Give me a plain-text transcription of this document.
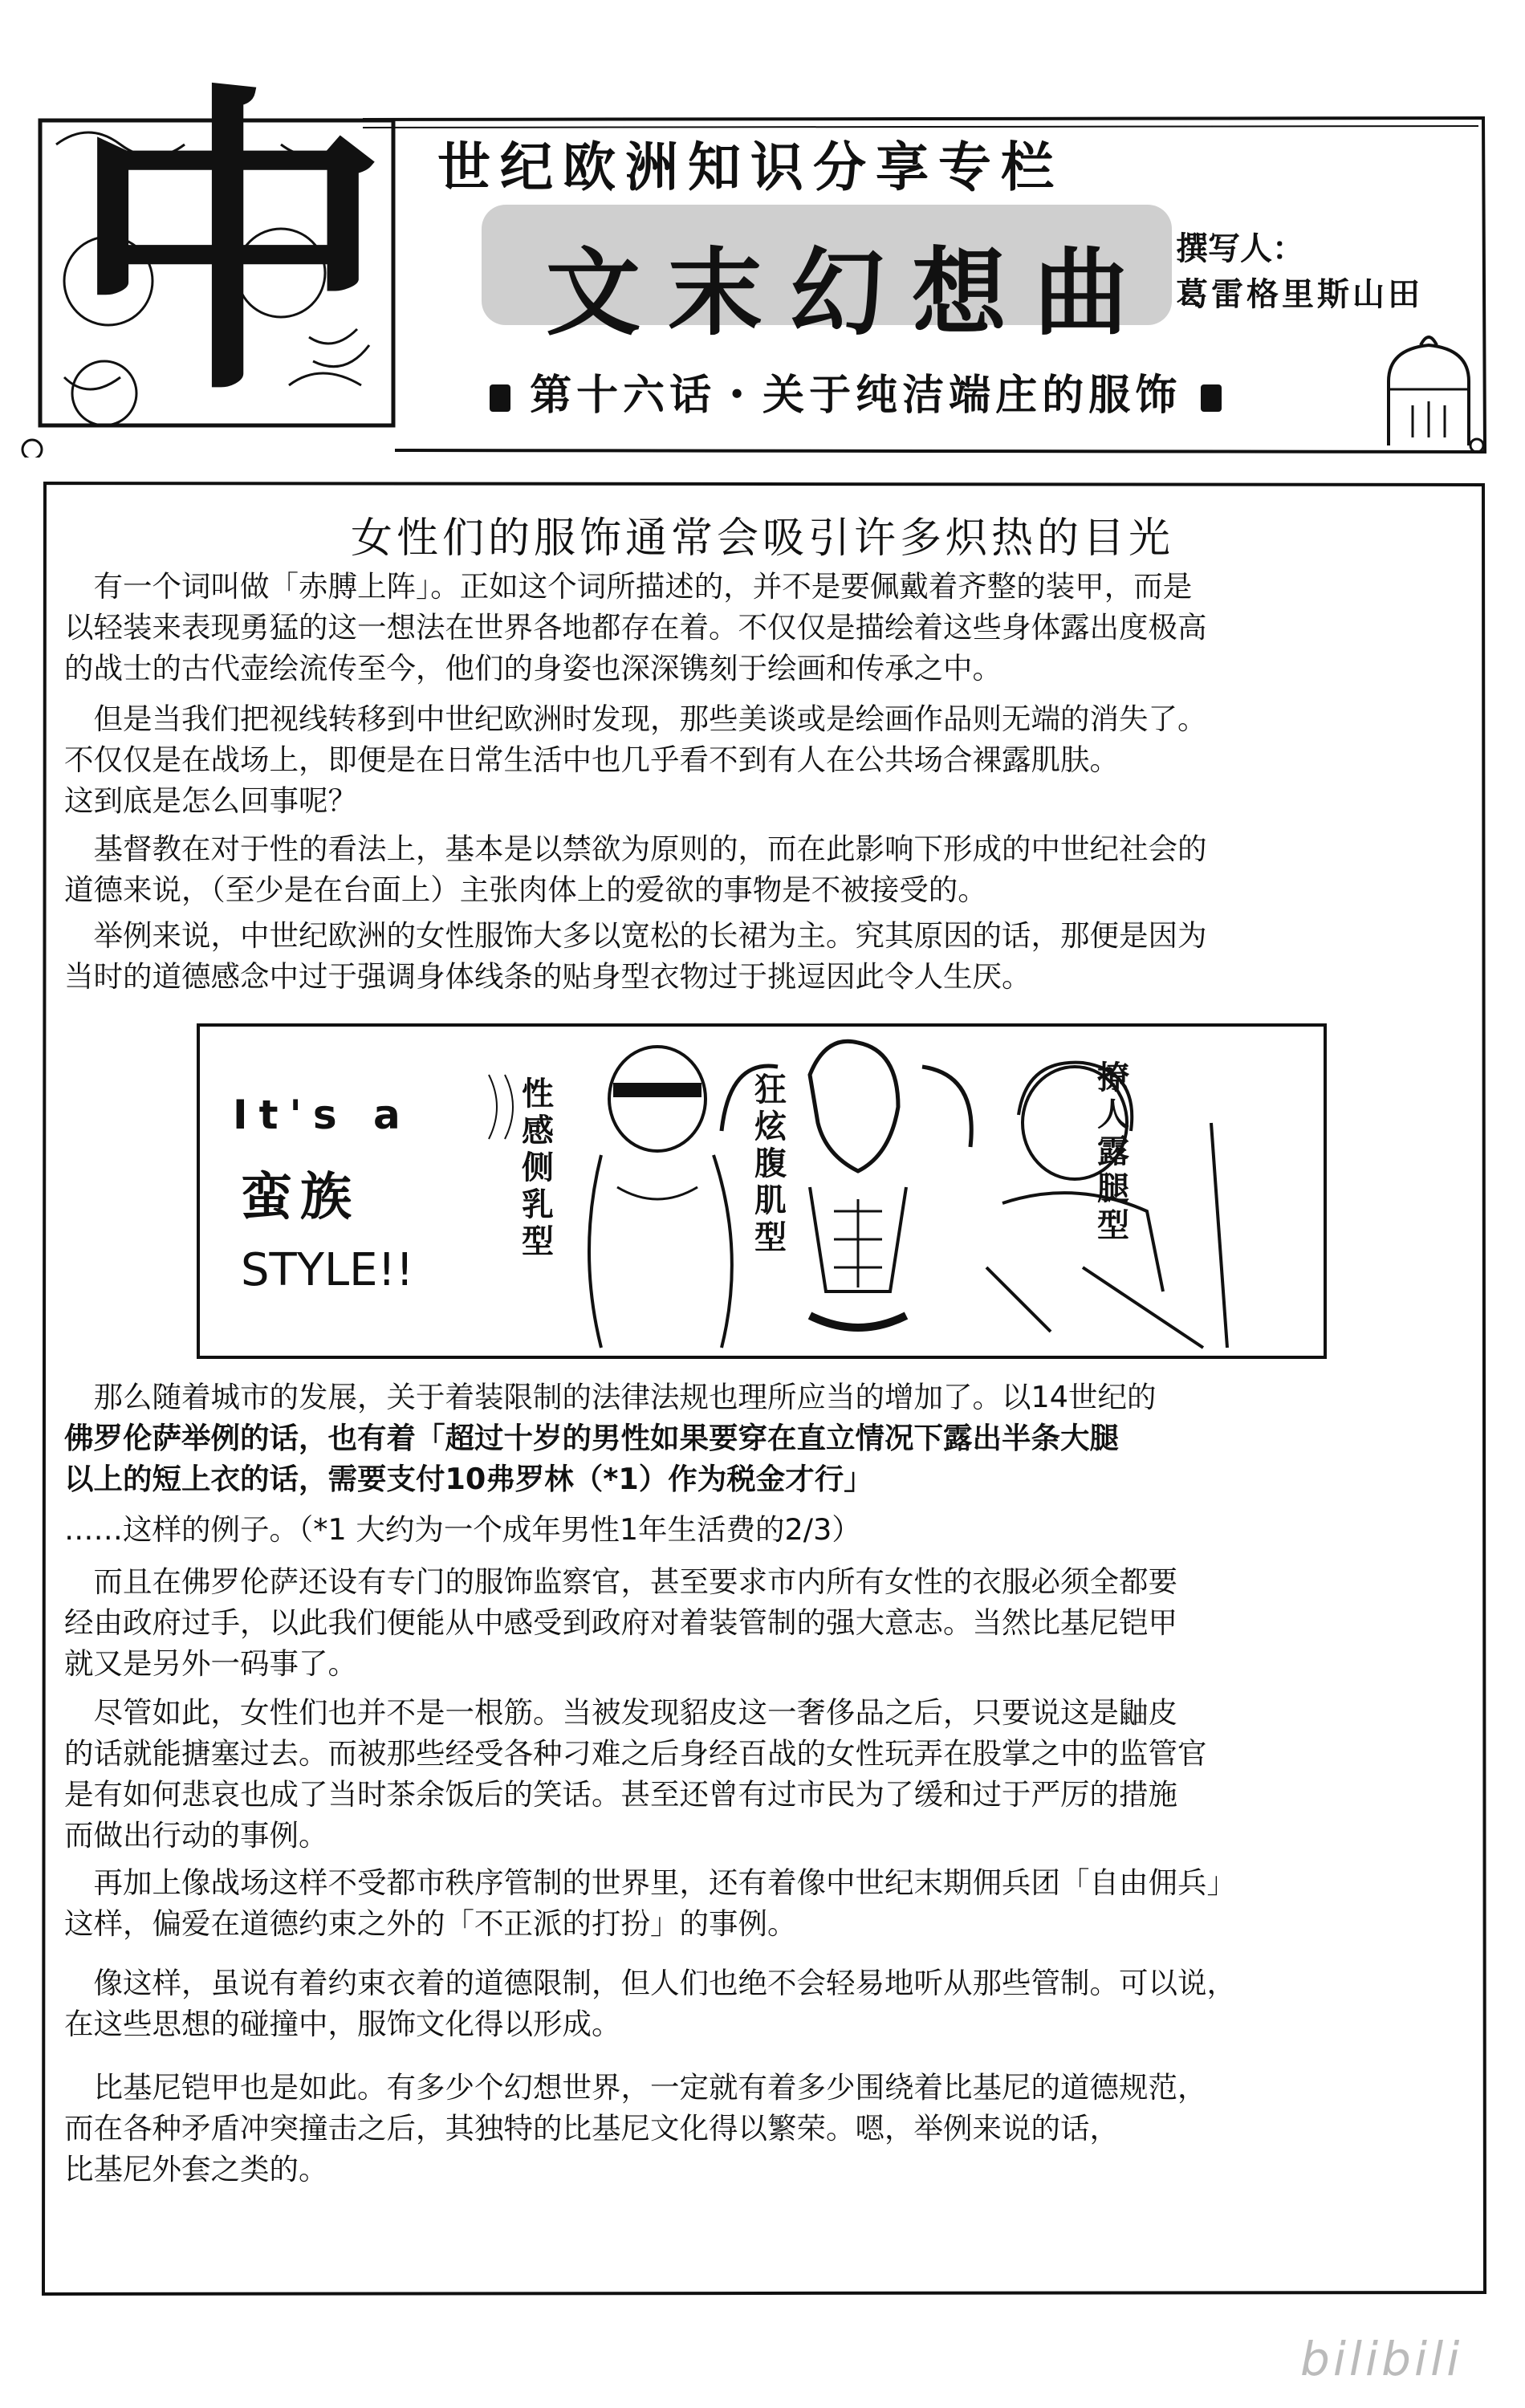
中 世纪欧洲知识分享专栏
文末幻想曲 撰写人：
葛雷格里斯山田
第十六话・关于纯洁端庄的服饰
女性们的服饰通常会吸引许多炽热的目光
　有一个词叫做「赤膊上阵」。正如这个词所描述的，并不是要佩戴着齐整的装甲，而是
以轻装来表现勇猛的这一想法在世界各地都存在着。不仅仅是描绘着这些身体露出度极高
的战士的古代壶绘流传至今，他们的身姿也深深镌刻于绘画和传承之中。
　但是当我们把视线转移到中世纪欧洲时发现，那些美谈或是绘画作品则无端的消失了。
不仅仅是在战场上，即便是在日常生活中也几乎看不到有人在公共场合裸露肌肤。
这到底是怎么回事呢？
　基督教在对于性的看法上，基本是以禁欲为原则的，而在此影响下形成的中世纪社会的
道德来说，（至少是在台面上）主张肉体上的爱欲的事物是不被接受的。
　举例来说，中世纪欧洲的女性服饰大多以宽松的长裙为主。究其原因的话，那便是因为
当时的道德感念中过于强调身体线条的贴身型衣物过于挑逗因此令人生厌。
It's a
蛮族
STYLE!!
性感侧乳型
狂炫腹肌型
撩人露腿型
　那么随着城市的发展，关于着装限制的法律法规也理所应当的增加了。以14世纪的
佛罗伦萨举例的话，也有着「超过十岁的男性如果要穿在直立情况下露出半条大腿
以上的短上衣的话，需要支付10弗罗林（*1）作为税金才行」
……这样的例子。（*1 大约为一个成年男性1年生活费的2/3）
　而且在佛罗伦萨还设有专门的服饰监察官，甚至要求市内所有女性的衣服必须全都要
经由政府过手，以此我们便能从中感受到政府对着装管制的强大意志。当然比基尼铠甲
就又是另外一码事了。
　尽管如此，女性们也并不是一根筋。当被发现貂皮这一奢侈品之后，只要说这是鼬皮
的话就能搪塞过去。而被那些经受各种刁难之后身经百战的女性玩弄在股掌之中的监管官
是有如何悲哀也成了当时茶余饭后的笑话。甚至还曾有过市民为了缓和过于严厉的措施
而做出行动的事例。
　再加上像战场这样不受都市秩序管制的世界里，还有着像中世纪末期佣兵团「自由佣兵」
这样，偏爱在道德约束之外的「不正派的打扮」的事例。
　像这样，虽说有着约束衣着的道德限制，但人们也绝不会轻易地听从那些管制。可以说，
在这些思想的碰撞中，服饰文化得以形成。
　比基尼铠甲也是如此。有多少个幻想世界，一定就有着多少围绕着比基尼的道德规范，
而在各种矛盾冲突撞击之后，其独特的比基尼文化得以繁荣。嗯，举例来说的话，
比基尼外套之类的。
bilibili
